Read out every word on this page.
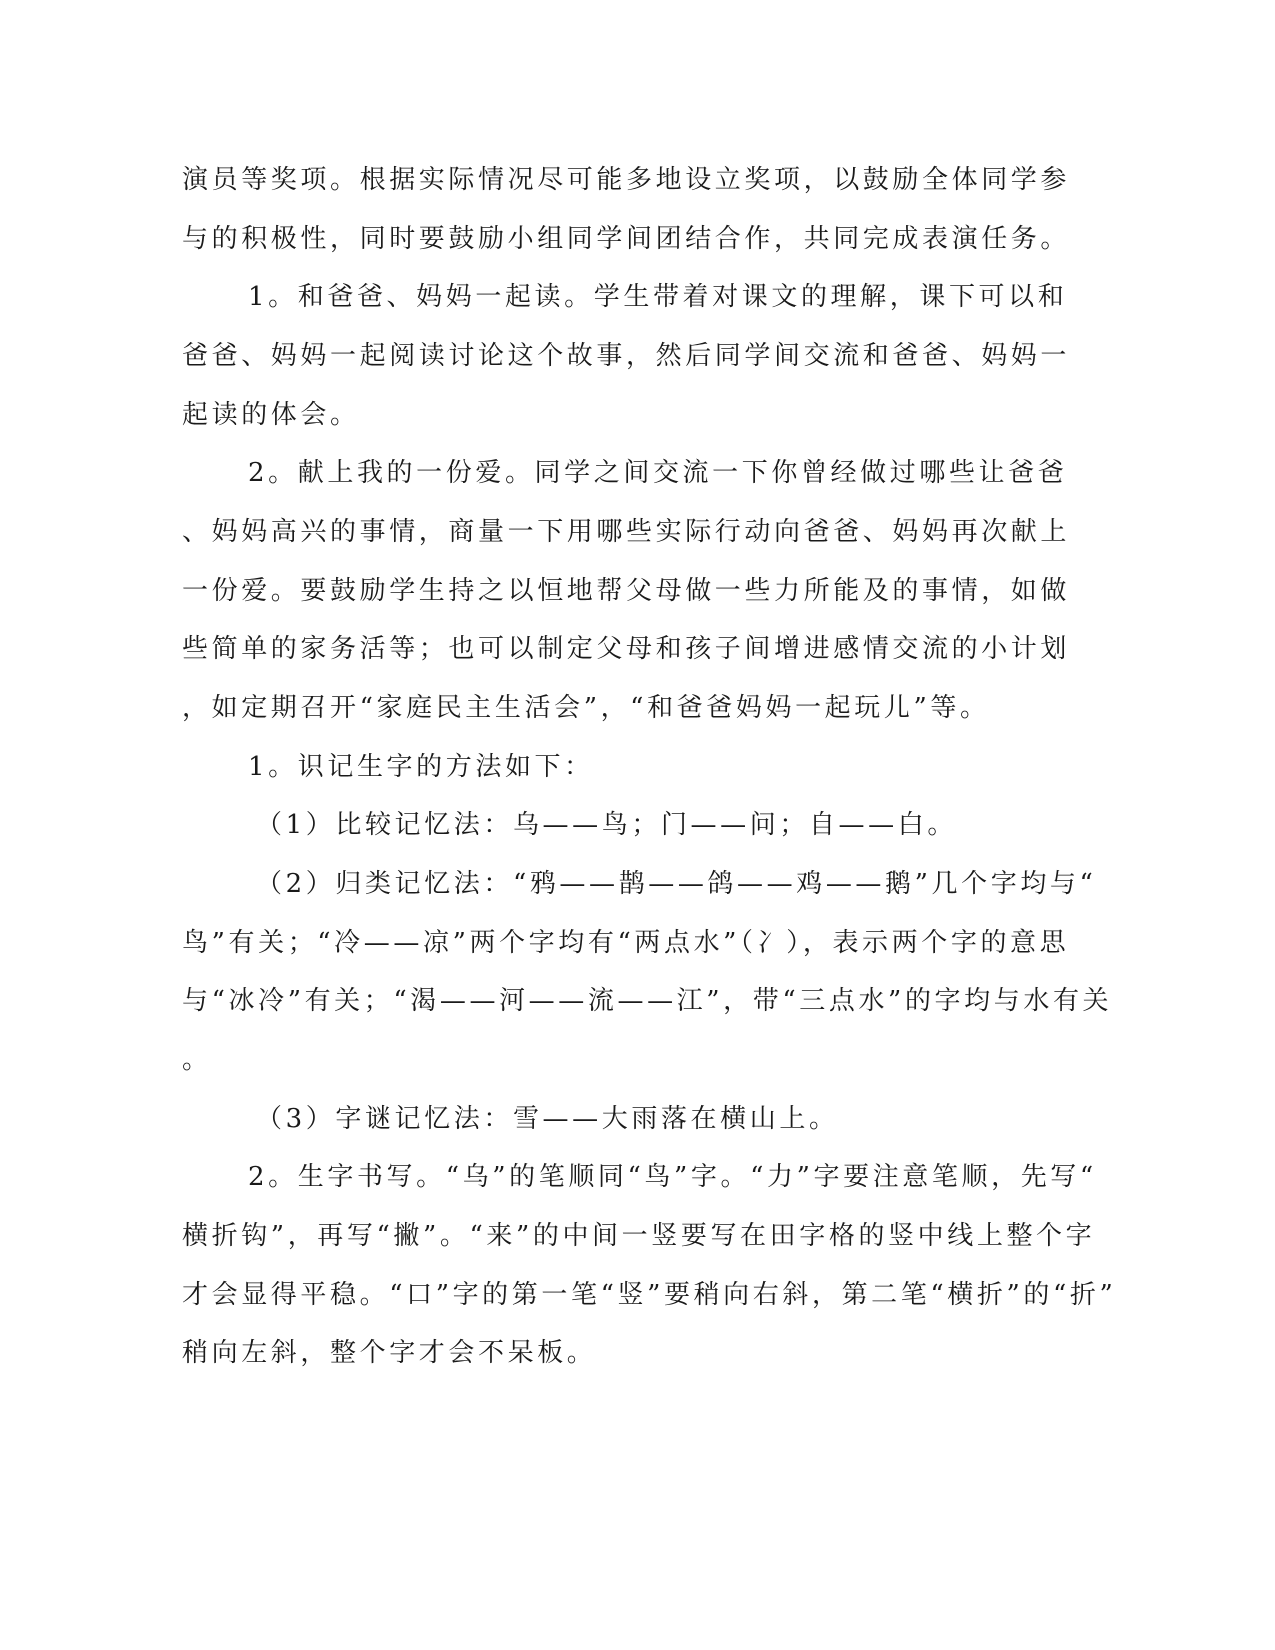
演员等奖项。根据实际情况尽可能多地设立奖项，以鼓励全体同学参
与的积极性，同时要鼓励小组同学间团结合作，共同完成表演任务。
1。和爸爸、妈妈一起读。学生带着对课文的理解，课下可以和
爸爸、妈妈一起阅读讨论这个故事，然后同学间交流和爸爸、妈妈一
起读的体会。
2。献上我的一份爱。同学之间交流一下你曾经做过哪些让爸爸
、妈妈高兴的事情，商量一下用哪些实际行动向爸爸、妈妈再次献上
一份爱。要鼓励学生持之以恒地帮父母做一些力所能及的事情，如做
些简单的家务活等；也可以制定父母和孩子间增进感情交流的小计划
，如定期召开“家庭民主生活会”，“和爸爸妈妈一起玩儿”等。
1。识记生字的方法如下：
（1）比较记忆法：乌——鸟；门——问；自——白。
（2）归类记忆法：“鸦——鹊——鸽——鸡——鹅”几个字均与“
鸟”有关；“冷——凉”两个字均有“两点水”（冫），表示两个字的意思
与“冰冷”有关；“渴——河——流——江”，带“三点水”的字均与水有关
。
（3）字谜记忆法：雪——大雨落在横山上。
2。生字书写。“乌”的笔顺同“鸟”字。“力”字要注意笔顺，先写“
横折钩”，再写“撇”。“来”的中间一竖要写在田字格的竖中线上整个字
才会显得平稳。“口”字的第一笔“竖”要稍向右斜，第二笔“横折”的“折”
稍向左斜，整个字才会不呆板。
